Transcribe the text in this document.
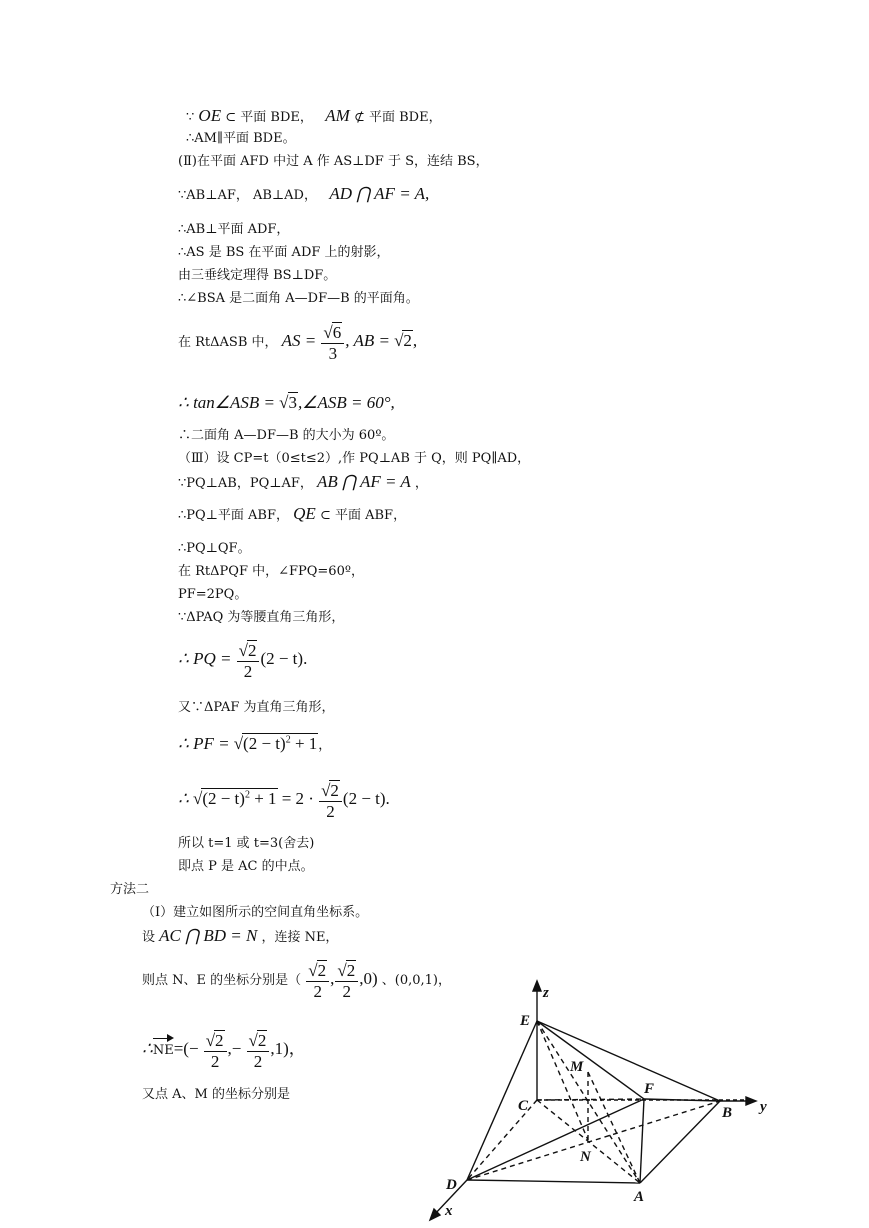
∵ OE ⊂ 平面 BDE， AM ⊄ 平面 BDE，
∴AM∥平面 BDE。
(Ⅱ)在平面 AFD 中过 A 作 AS⊥DF 于 S，连结 BS，
∵AB⊥AF， AB⊥AD， AD ⋂ AF = A,
∴AB⊥平面 ADF，
∴AS 是 BS 在平面 ADF 上的射影，
由三垂线定理得 BS⊥DF。
∴∠BSA 是二面角 A—DF—B 的平面角。
在 RtΔASB 中， AS = $\frac{√6}{3}$ , AB = √2,
∴ tan∠ASB = √3,∠ASB = 60°,
∴二面角 A—DF—B 的大小为 60º。
（Ⅲ）设 CP=t（0≤t≤2）,作 PQ⊥AB 于 Q，则 PQ∥AD，
∵PQ⊥AB，PQ⊥AF， AB ⋂ AF = A ，
∴PQ⊥平面 ABF， QE ⊂ 平面 ABF，
∴PQ⊥QF。
在 RtΔPQF 中，∠FPQ=60º，
PF=2PQ。
∵ΔPAQ 为等腰直角三角形，
∴ PQ = $\frac{√2}{2} (2 - t)$.
又∵ΔPAF 为直角三角形，
∴ PF = $√(2 - t)^2 + 1$，
∴ $√(2 - t)^2 + 1 = 2 \cdot \frac{√2}{2} (2 - t)$.
所以 t=1 或 t=3(舍去)
即点 P 是 AC 的中点。
方法二
（Ⅰ）建立如图所示的空间直角坐标系。
设 AC ⋂ BD = N ，连接 NE，
则点 N、E 的坐标分别是（ $\frac{√2}{2}$ , $\frac{√2}{2} ,0$) 、(0,0,1)，
∴NE=(− $\frac{√2}{2}$ ,− $\frac{√2}{2} ,1$)，
又点 A、M 的坐标分别是
z
y
x
E
M
F
C	B
N
D
A
